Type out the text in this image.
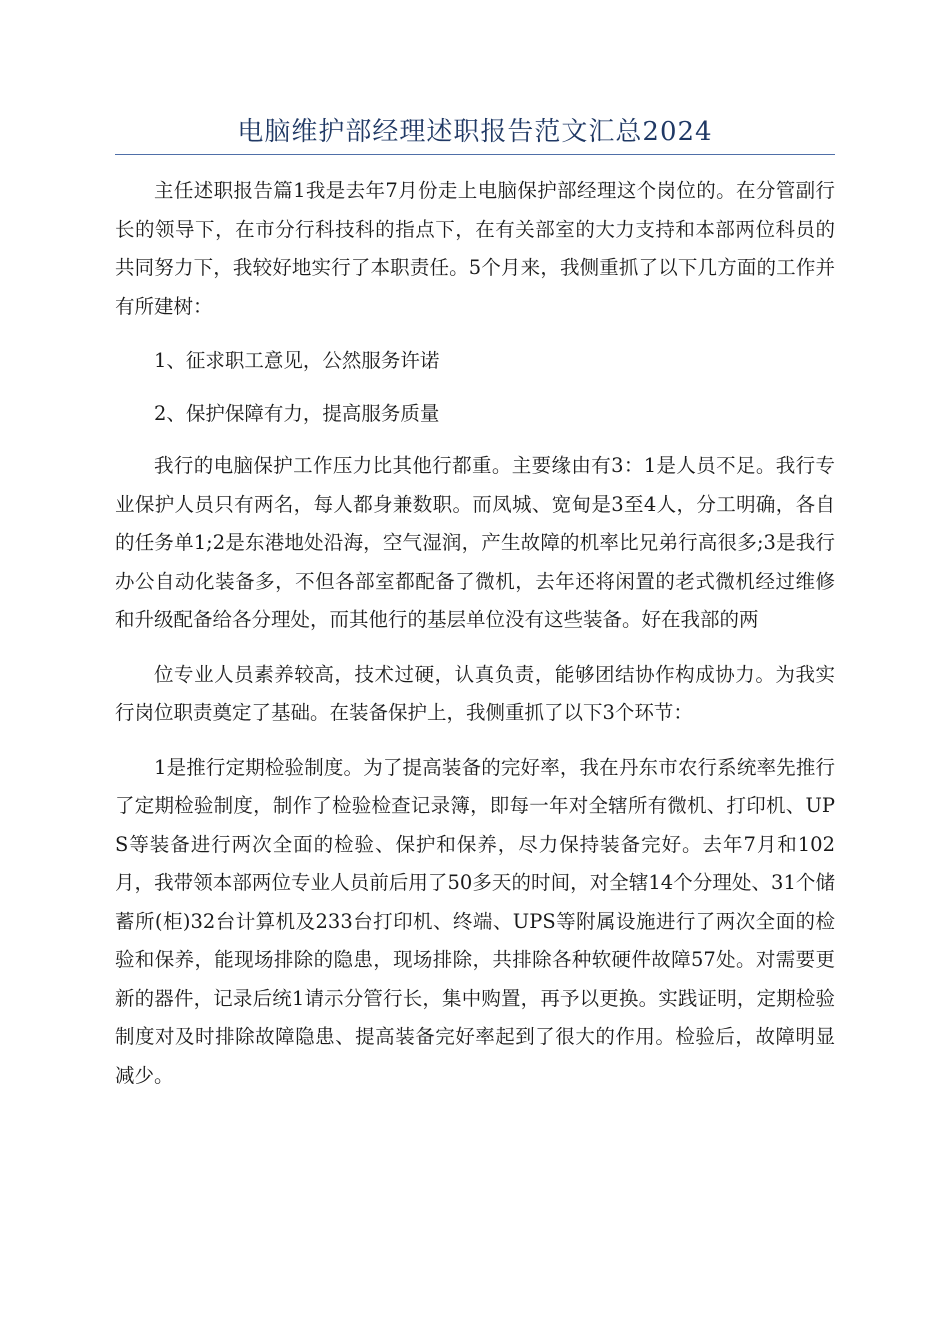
电脑维护部经理述职报告范文汇总2024

主任述职报告篇1我是去年7月份走上电脑保护部经理这个岗位的。在分管副行长的领导下，在市分行科技科的指点下，在有关部室的大力支持和本部两位科员的共同努力下，我较好地实行了本职责任。5个月来，我侧重抓了以下几方面的工作并有所建树：

1、征求职工意见，公然服务许诺

2、保护保障有力，提高服务质量

我行的电脑保护工作压力比其他行都重。主要缘由有3：1是人员不足。我行专业保护人员只有两名，每人都身兼数职。而凤城、宽甸是3至4人，分工明确，各自的任务单1;2是东港地处沿海，空气湿润，产生故障的机率比兄弟行高很多;3是我行办公自动化装备多，不但各部室都配备了微机，去年还将闲置的老式微机经过维修和升级配备给各分理处，而其他行的基层单位没有这些装备。好在我部的两

位专业人员素养较高，技术过硬，认真负责，能够团结协作构成协力。为我实行岗位职责奠定了基础。在装备保护上，我侧重抓了以下3个环节：

1是推行定期检验制度。为了提高装备的完好率，我在丹东市农行系统率先推行了定期检验制度，制作了检验检查记录簿，即每一年对全辖所有微机、打印机、UPS等装备进行两次全面的检验、保护和保养，尽力保持装备完好。去年7月和102月，我带领本部两位专业人员前后用了50多天的时间，对全辖14个分理处、31个储蓄所(柜)32台计算机及233台打印机、终端、UPS等附属设施进行了两次全面的检验和保养，能现场排除的隐患，现场排除，共排除各种软硬件故障57处。对需要更新的器件，记录后统1请示分管行长，集中购置，再予以更换。实践证明，定期检验制度对及时排除故障隐患、提高装备完好率起到了很大的作用。检验后，故障明显减少。
